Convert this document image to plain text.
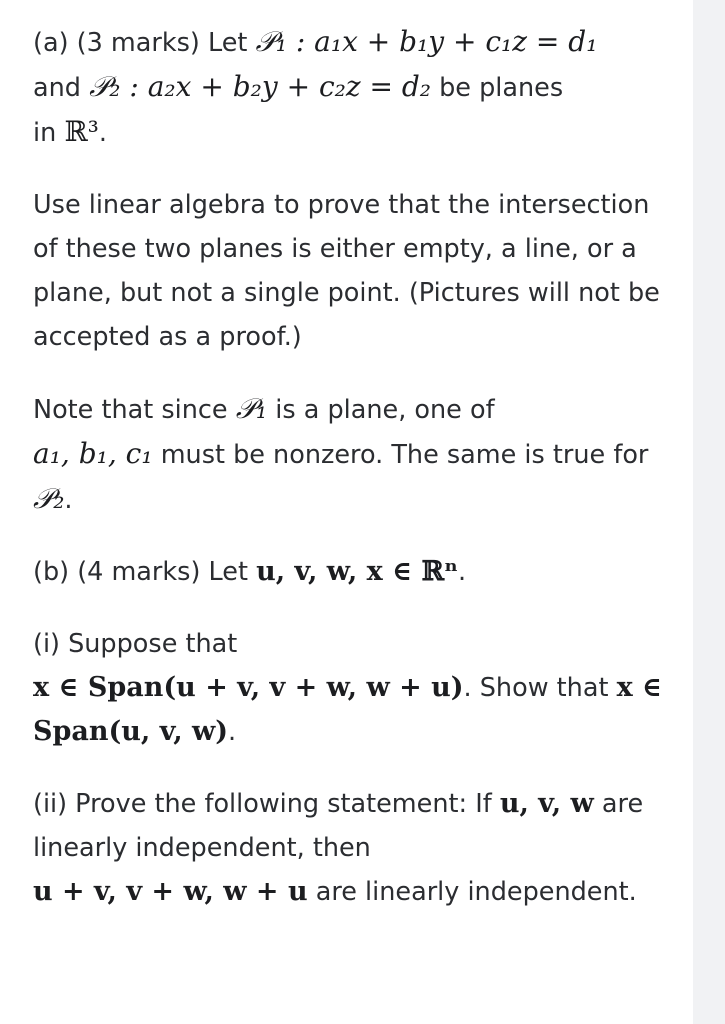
(a) (3 marks) Let 𝒫₁ : a₁x + b₁y + c₁z = d₁
and 𝒫₂ : a₂x + b₂y + c₂z = d₂ be planes
in ℝ³.

Use linear algebra to prove that the intersection of these two planes is either empty, a line, or a plane, but not a single point. (Pictures will not be accepted as a proof.)

Note that since 𝒫₁ is a plane, one of
a₁, b₁, c₁ must be nonzero. The same is true for 𝒫₂.

(b) (4 marks) Let u, v, w, x ∈ ℝⁿ.

(i) Suppose that
x ∈ Span(u + v, v + w, w + u). Show that x ∈ Span(u, v, w).

(ii) Prove the following statement: If u, v, w are linearly independent, then
u + v, v + w, w + u are linearly independent.
